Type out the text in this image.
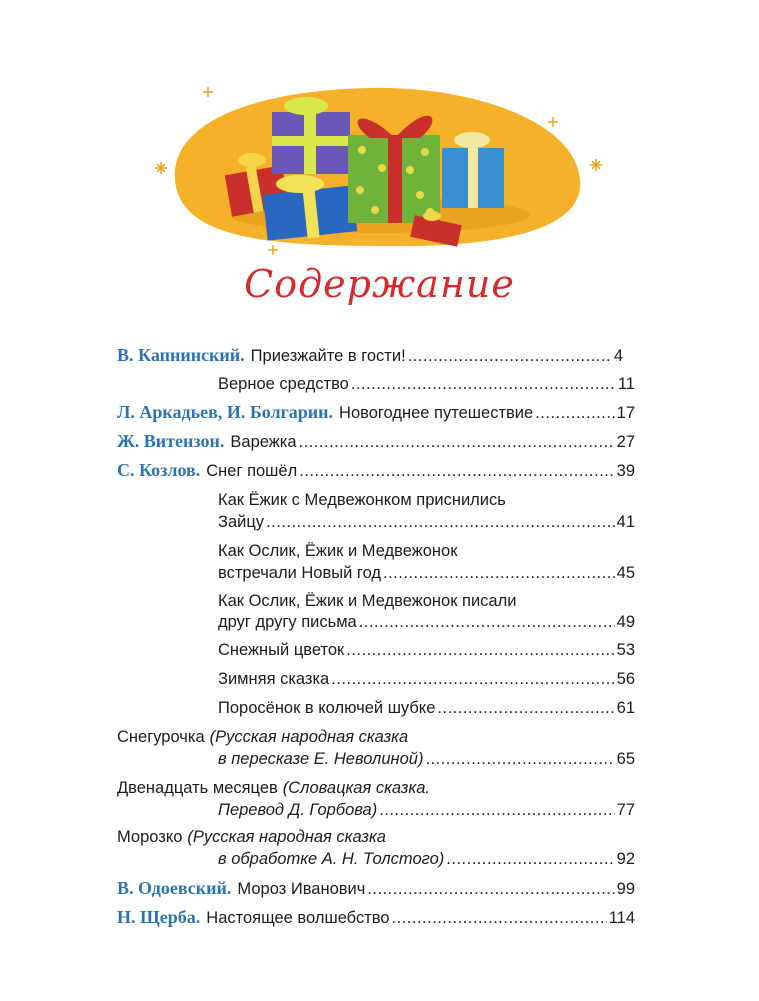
Содержание
В. Капнинский. Приезжайте в гости! .....	4
Верное средство .....	11
Л. Аркадьев, И. Болгарин. Новогоднее путешествие .....	17
Ж. Витензон. Варежка .....	27
С. Козлов. Снег пошёл .....	39
Как Ёжик с Медвежонком приснились
Зайцу .....	41
Как Ослик, Ёжик и Медвежонок
встречали Новый год .....	45
Как Ослик, Ёжик и Медвежонок писали
друг другу письма .....	49
Снежный цветок .....	53
Зимняя сказка .....	56
Поросёнок в колючей шубке .....	61
Снегурочка (Русская народная сказка
в пересказе Е. Неволиной) .....	65
Двенадцать месяцев (Словацкая сказка.
Перевод Д. Горбова) .....	77
Морозко (Русская народная сказка
в обработке А. Н. Толстого) .....	92
В. Одоевский. Мороз Иванович .....	99
Н. Щерба. Настоящее волшебство .....	114
